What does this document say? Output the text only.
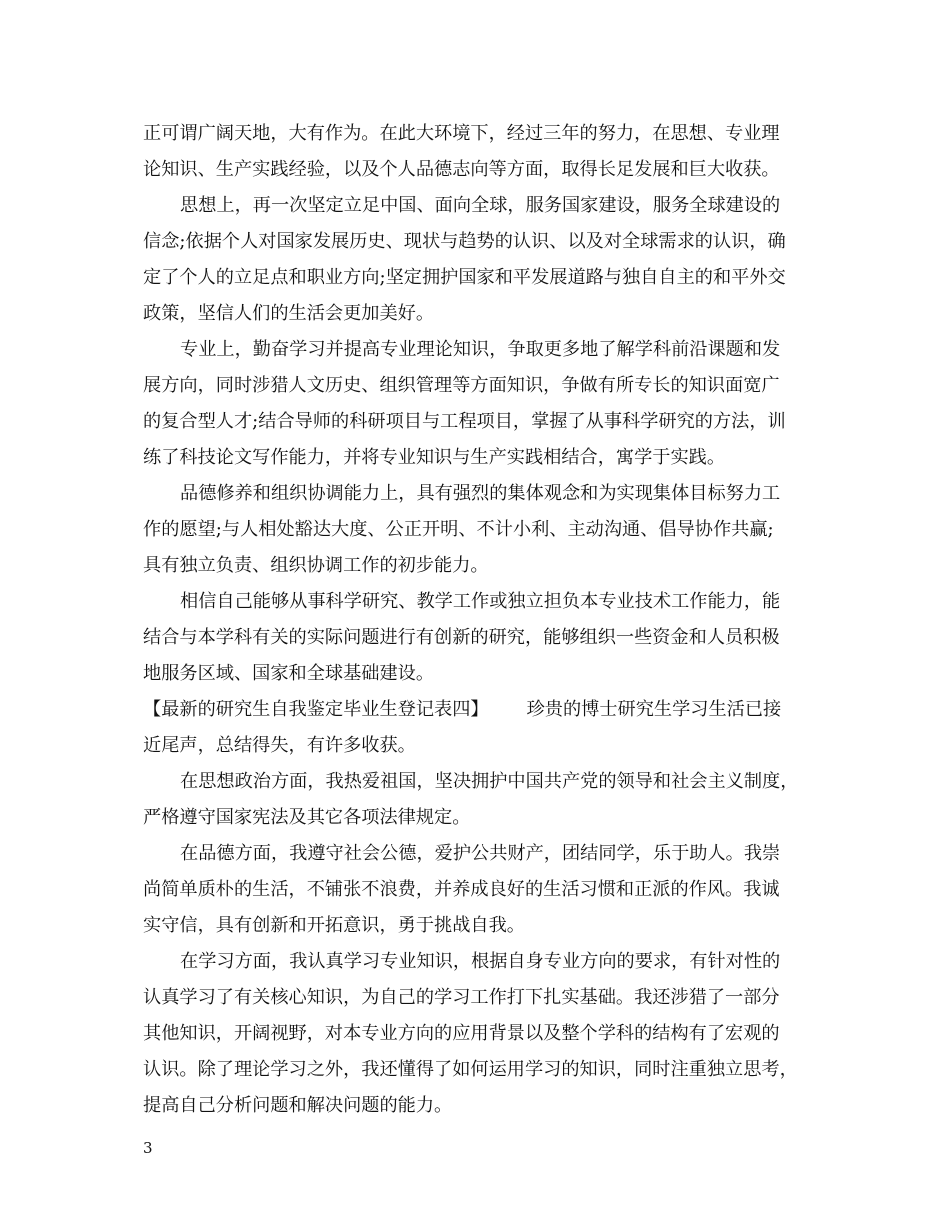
正可谓广阔天地，大有作为。在此大环境下，经过三年的努力，在思想、专业理
论知识、生产实践经验，以及个人品德志向等方面，取得长足发展和巨大收获。
思想上，再一次坚定立足中国、面向全球，服务国家建设，服务全球建设的
信念;依据个人对国家发展历史、现状与趋势的认识、以及对全球需求的认识，确
定了个人的立足点和职业方向;坚定拥护国家和平发展道路与独自自主的和平外交
政策，坚信人们的生活会更加美好。
专业上，勤奋学习并提高专业理论知识，争取更多地了解学科前沿课题和发
展方向，同时涉猎人文历史、组织管理等方面知识，争做有所专长的知识面宽广
的复合型人才;结合导师的科研项目与工程项目，掌握了从事科学研究的方法，训
练了科技论文写作能力，并将专业知识与生产实践相结合，寓学于实践。
品德修养和组织协调能力上，具有强烈的集体观念和为实现集体目标努力工
作的愿望;与人相处豁达大度、公正开明、不计小利、主动沟通、倡导协作共赢;
具有独立负责、组织协调工作的初步能力。
相信自己能够从事科学研究、教学工作或独立担负本专业技术工作能力，能
结合与本学科有关的实际问题进行有创新的研究，能够组织一些资金和人员积极
地服务区域、国家和全球基础建设。
【最新的研究生自我鉴定毕业生登记表四】 珍贵的博士研究生学习生活已接
近尾声，总结得失，有许多收获。
在思想政治方面，我热爱祖国，坚决拥护中国共产党的领导和社会主义制度，
严格遵守国家宪法及其它各项法律规定。
在品德方面，我遵守社会公德，爱护公共财产，团结同学，乐于助人。我崇
尚简单质朴的生活，不铺张不浪费，并养成良好的生活习惯和正派的作风。我诚
实守信，具有创新和开拓意识，勇于挑战自我。
在学习方面，我认真学习专业知识，根据自身专业方向的要求，有针对性的
认真学习了有关核心知识，为自己的学习工作打下扎实基础。我还涉猎了一部分
其他知识，开阔视野，对本专业方向的应用背景以及整个学科的结构有了宏观的
认识。除了理论学习之外，我还懂得了如何运用学习的知识，同时注重独立思考，
提高自己分析问题和解决问题的能力。
3
